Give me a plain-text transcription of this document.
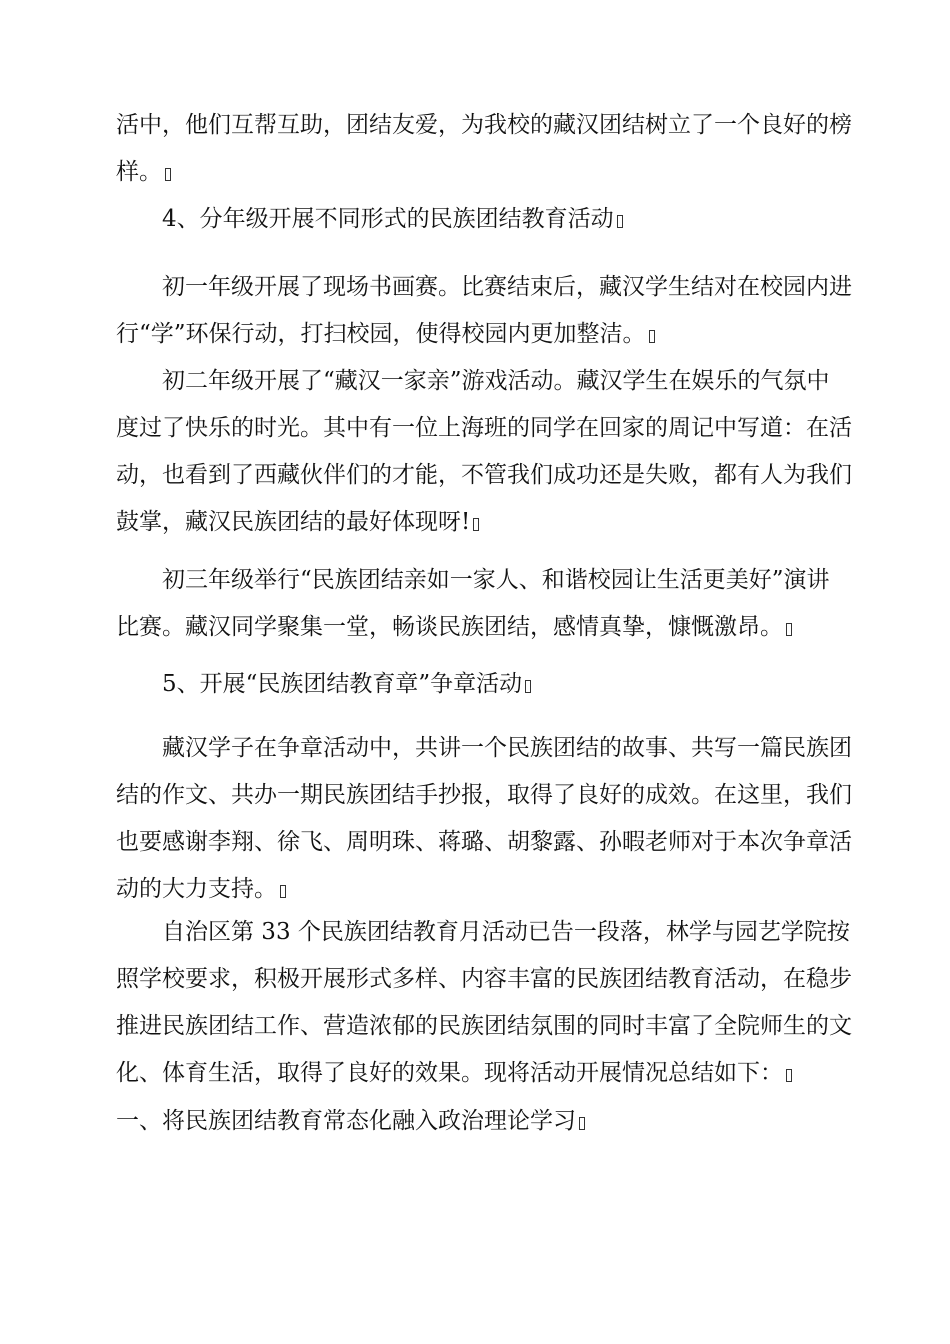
活中，他们互帮互助，团结友爱，为我校的藏汉团结树立了一个良好的榜
样。
4、分年级开展不同形式的民族团结教育活动
初一年级开展了现场书画赛。比赛结束后，藏汉学生结对在校园内进
行“学”环保行动，打扫校园，使得校园内更加整洁。
初二年级开展了“藏汉一家亲”游戏活动。藏汉学生在娱乐的气氛中
度过了快乐的时光。其中有一位上海班的同学在回家的周记中写道：在活
动，也看到了西藏伙伴们的才能，不管我们成功还是失败，都有人为我们
鼓掌，藏汉民族团结的最好体现呀!
初三年级举行“民族团结亲如一家人、和谐校园让生活更美好”演讲
比赛。藏汉同学聚集一堂，畅谈民族团结，感情真挚，慷慨激昂。
5、开展“民族团结教育章”争章活动
藏汉学子在争章活动中，共讲一个民族团结的故事、共写一篇民族团
结的作文、共办一期民族团结手抄报，取得了良好的成效。在这里，我们
也要感谢李翔、徐飞、周明珠、蒋璐、胡黎露、孙暇老师对于本次争章活
动的大力支持。
自治区第 33 个民族团结教育月活动已告一段落，林学与园艺学院按
照学校要求，积极开展形式多样、内容丰富的民族团结教育活动，在稳步
推进民族团结工作、营造浓郁的民族团结氛围的同时丰富了全院师生的文
化、体育生活，取得了良好的效果。现将活动开展情况总结如下：
一、将民族团结教育常态化融入政治理论学习
